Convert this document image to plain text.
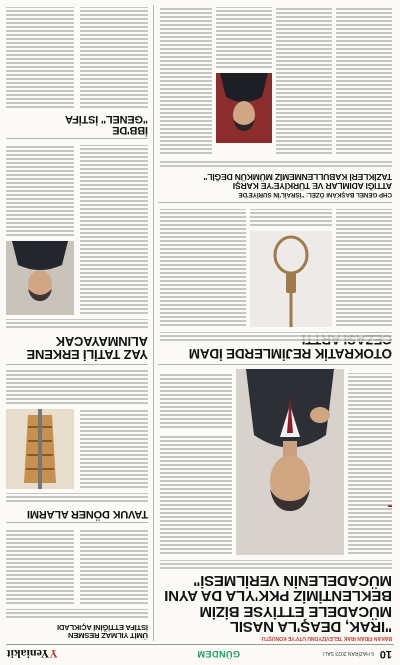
10
6 HAZİRAN 2023 SALI
GÜNDEM
YYeniakit
BAKAN FİDAN IRAK TELEVİZYONU UTV'YE KONUŞTU:
"IRAK, DEAŞ'LA NASIL
MÜCADELE ETTİYSE BİZİM
BEKLENTİMİZ PKK'YLA DA AYNI
MÜCADELENİN VERİLMESİ"
OTOKRATİK REJİMLERDE İDAM
CHP GENEL BAŞKANI ÖZEL: "İSRAİL'İN SURİYE'DE
ATTIĞI ADIMLAR VE TÜRKİYE'YE KARŞI
TAZİKLERİ KABULLENMEMİZ MÜMKÜN DEĞİL"
ÜMİT YILMAZ RESMEN
İSTİFA ETTİĞİNİ AÇIKLADI
TAVUK DÖNER ALARMI
YAZ TATİLİ ERKENE
ALINMAYACAK
İBB'DE
"GENEL" İSTİFA
